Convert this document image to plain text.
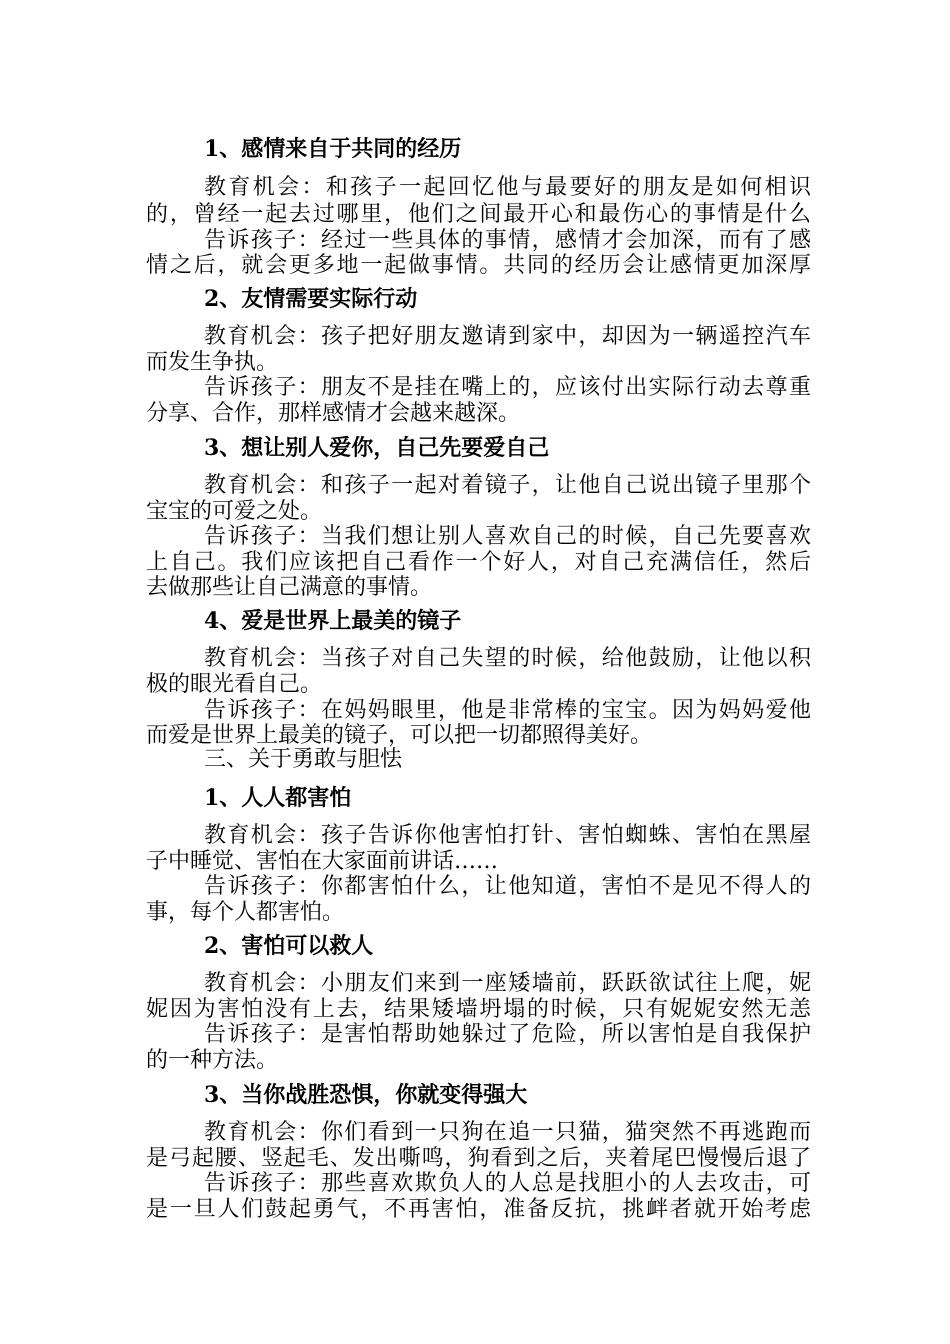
1、感情来自于共同的经历
教育机会：和孩子一起回忆他与最要好的朋友是如何相识
的，曾经一起去过哪里，他们之间最开心和最伤心的事情是什么
告诉孩子：经过一些具体的事情，感情才会加深，而有了感
情之后，就会更多地一起做事情。共同的经历会让感情更加深厚
2、友情需要实际行动
教育机会：孩子把好朋友邀请到家中，却因为一辆遥控汽车
而发生争执。
告诉孩子：朋友不是挂在嘴上的，应该付出实际行动去尊重
分享、合作，那样感情才会越来越深。
3、想让别人爱你，自己先要爱自己
教育机会：和孩子一起对着镜子，让他自己说出镜子里那个
宝宝的可爱之处。
告诉孩子：当我们想让别人喜欢自己的时候，自己先要喜欢
上自己。我们应该把自己看作一个好人，对自己充满信任，然后
去做那些让自己满意的事情。
4、爱是世界上最美的镜子
教育机会：当孩子对自己失望的时候，给他鼓励，让他以积
极的眼光看自己。
告诉孩子：在妈妈眼里，他是非常棒的宝宝。因为妈妈爱他
而爱是世界上最美的镜子，可以把一切都照得美好。
三、关于勇敢与胆怯
1、人人都害怕
教育机会：孩子告诉你他害怕打针、害怕蜘蛛、害怕在黑屋
子中睡觉、害怕在大家面前讲话……
告诉孩子：你都害怕什么，让他知道，害怕不是见不得人的
事，每个人都害怕。
2、害怕可以救人
教育机会：小朋友们来到一座矮墙前，跃跃欲试往上爬，妮
妮因为害怕没有上去，结果矮墙坍塌的时候，只有妮妮安然无恙
告诉孩子：是害怕帮助她躲过了危险，所以害怕是自我保护
的一种方法。
3、当你战胜恐惧，你就变得强大
教育机会：你们看到一只狗在追一只猫，猫突然不再逃跑而
是弓起腰、竖起毛、发出嘶鸣，狗看到之后，夹着尾巴慢慢后退了
告诉孩子：那些喜欢欺负人的人总是找胆小的人去攻击，可
是一旦人们鼓起勇气，不再害怕，准备反抗，挑衅者就开始考虑
